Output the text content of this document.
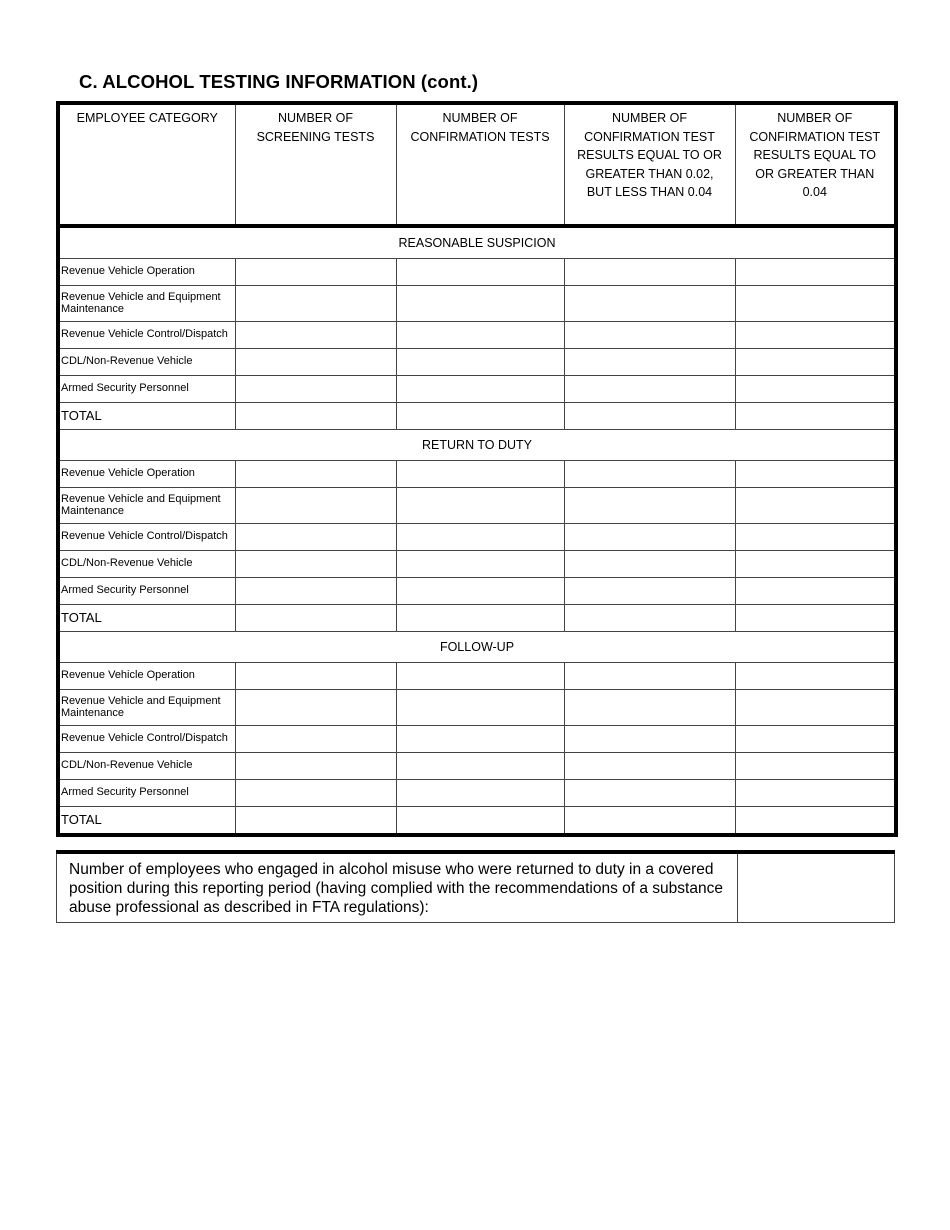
C. ALCOHOL TESTING INFORMATION (cont.)
EMPLOYEE CATEGORY	NUMBER OF SCREENING TESTS	NUMBER OF CONFIRMATION TESTS	NUMBER OF CONFIRMATION TEST RESULTS EQUAL TO OR GREATER THAN 0.02, BUT LESS THAN 0.04	NUMBER OF CONFIRMATION TEST RESULTS EQUAL TO OR GREATER THAN 0.04
REASONABLE SUSPICION				
Revenue Vehicle Operation				
Revenue Vehicle and Equipment Maintenance				
Revenue Vehicle Control/Dispatch				
CDL/Non-Revenue Vehicle				
Armed Security Personnel				
TOTAL				
RETURN TO DUTY				
Revenue Vehicle Operation				
Revenue Vehicle and Equipment Maintenance				
Revenue Vehicle Control/Dispatch				
CDL/Non-Revenue Vehicle				
Armed Security Personnel				
TOTAL				
FOLLOW-UP				
Revenue Vehicle Operation				
Revenue Vehicle and Equipment Maintenance				
Revenue Vehicle Control/Dispatch				
CDL/Non-Revenue Vehicle				
Armed Security Personnel				
TOTAL				
Number of employees who engaged in alcohol misuse who were returned to duty in a covered position during this reporting period (having complied with the recommendations of a substance abuse professional as described in FTA regulations):	
